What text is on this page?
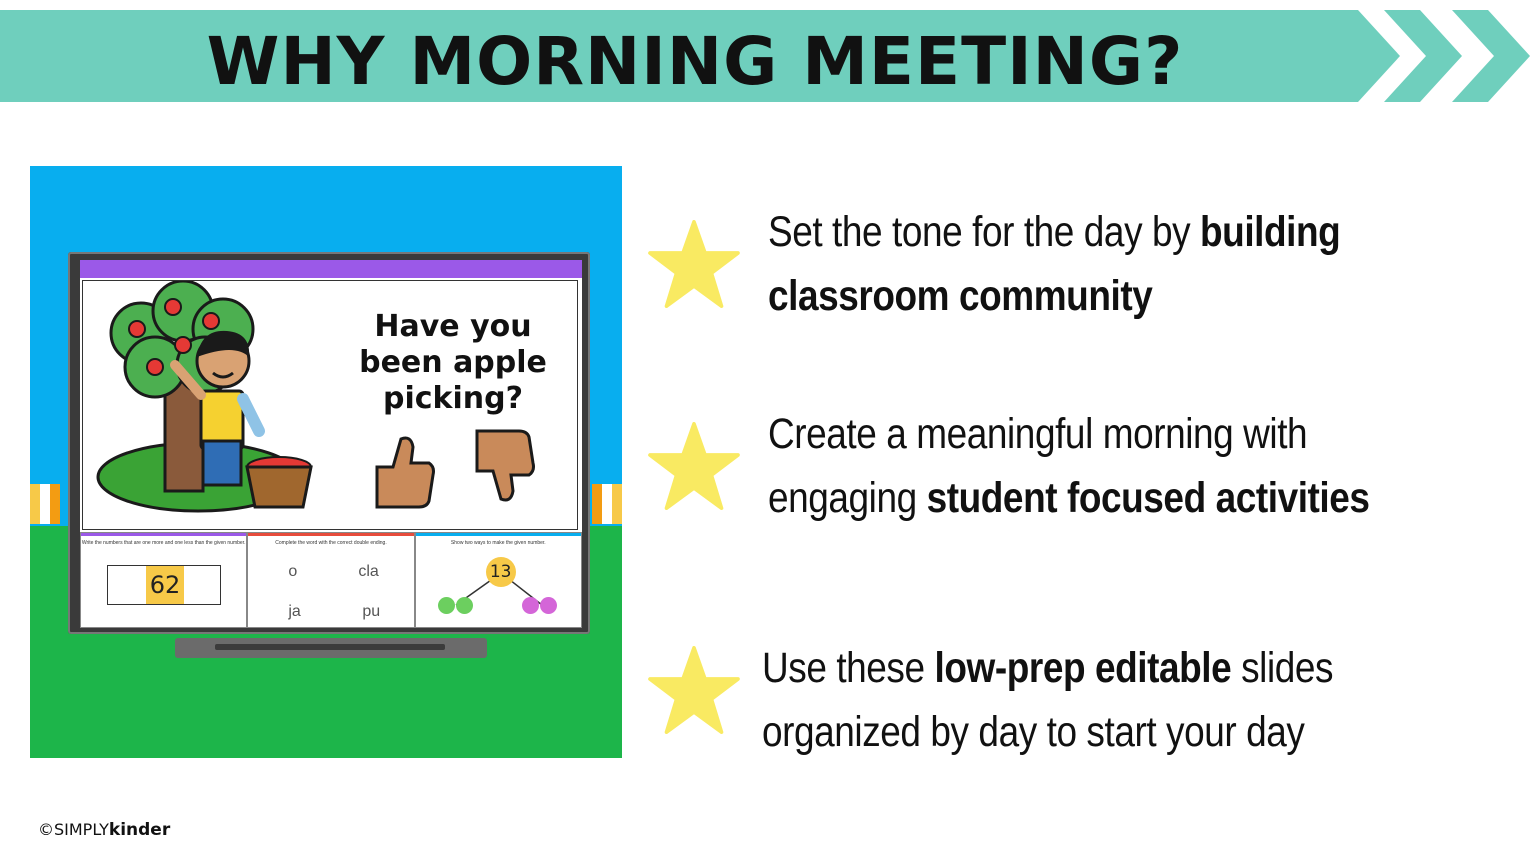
WHY MORNING MEETING?
Have you been apple picking?
Write the numbers that are one more and one less than the given number.
62
Complete the word with the correct double ending.
o	cla
ja	pu
Show two ways to make the given number.
13
Set the tone for the day by building
classroom community
Create a meaningful morning with
engaging student focused activities
Use these low-prep editable slides
organized by day to start your day
©SIMPLYkinder
